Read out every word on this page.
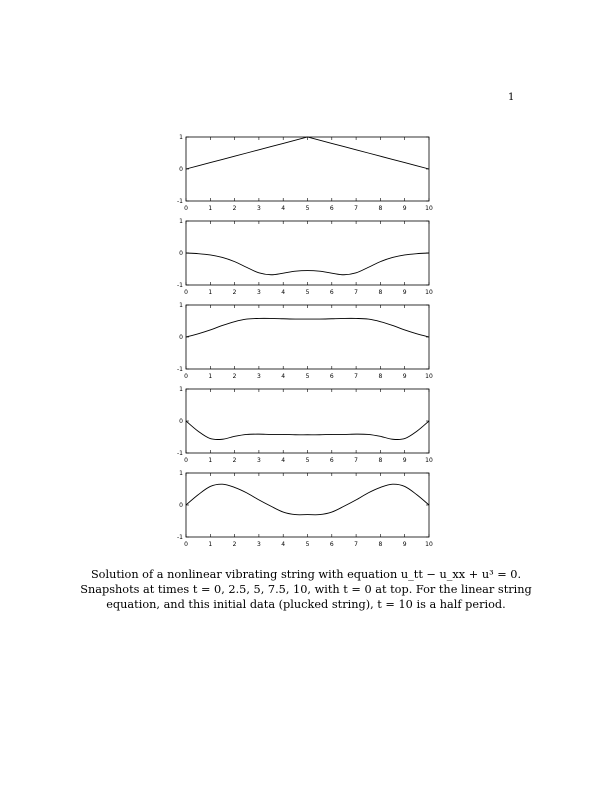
1
0	1	2	3	4	5	6	7	8	9	10
-1
0
1
0	1	2	3	4	5	6	7	8	9	10
-1
0
1
0	1	2	3	4	5	6	7	8	9	10
-1
0
1
0	1	2	3	4	5	6	7	8	9	10
-1
0
1
0	1	2	3	4	5	6	7	8	9	10
-1
0
1
Solution of a nonlinear vibrating string with equation u_tt − u_xx + u³ = 0.
Snapshots at times t = 0, 2.5, 5, 7.5, 10, with t = 0 at top. For the linear string
equation, and this initial data (plucked string), t = 10 is a half period.
